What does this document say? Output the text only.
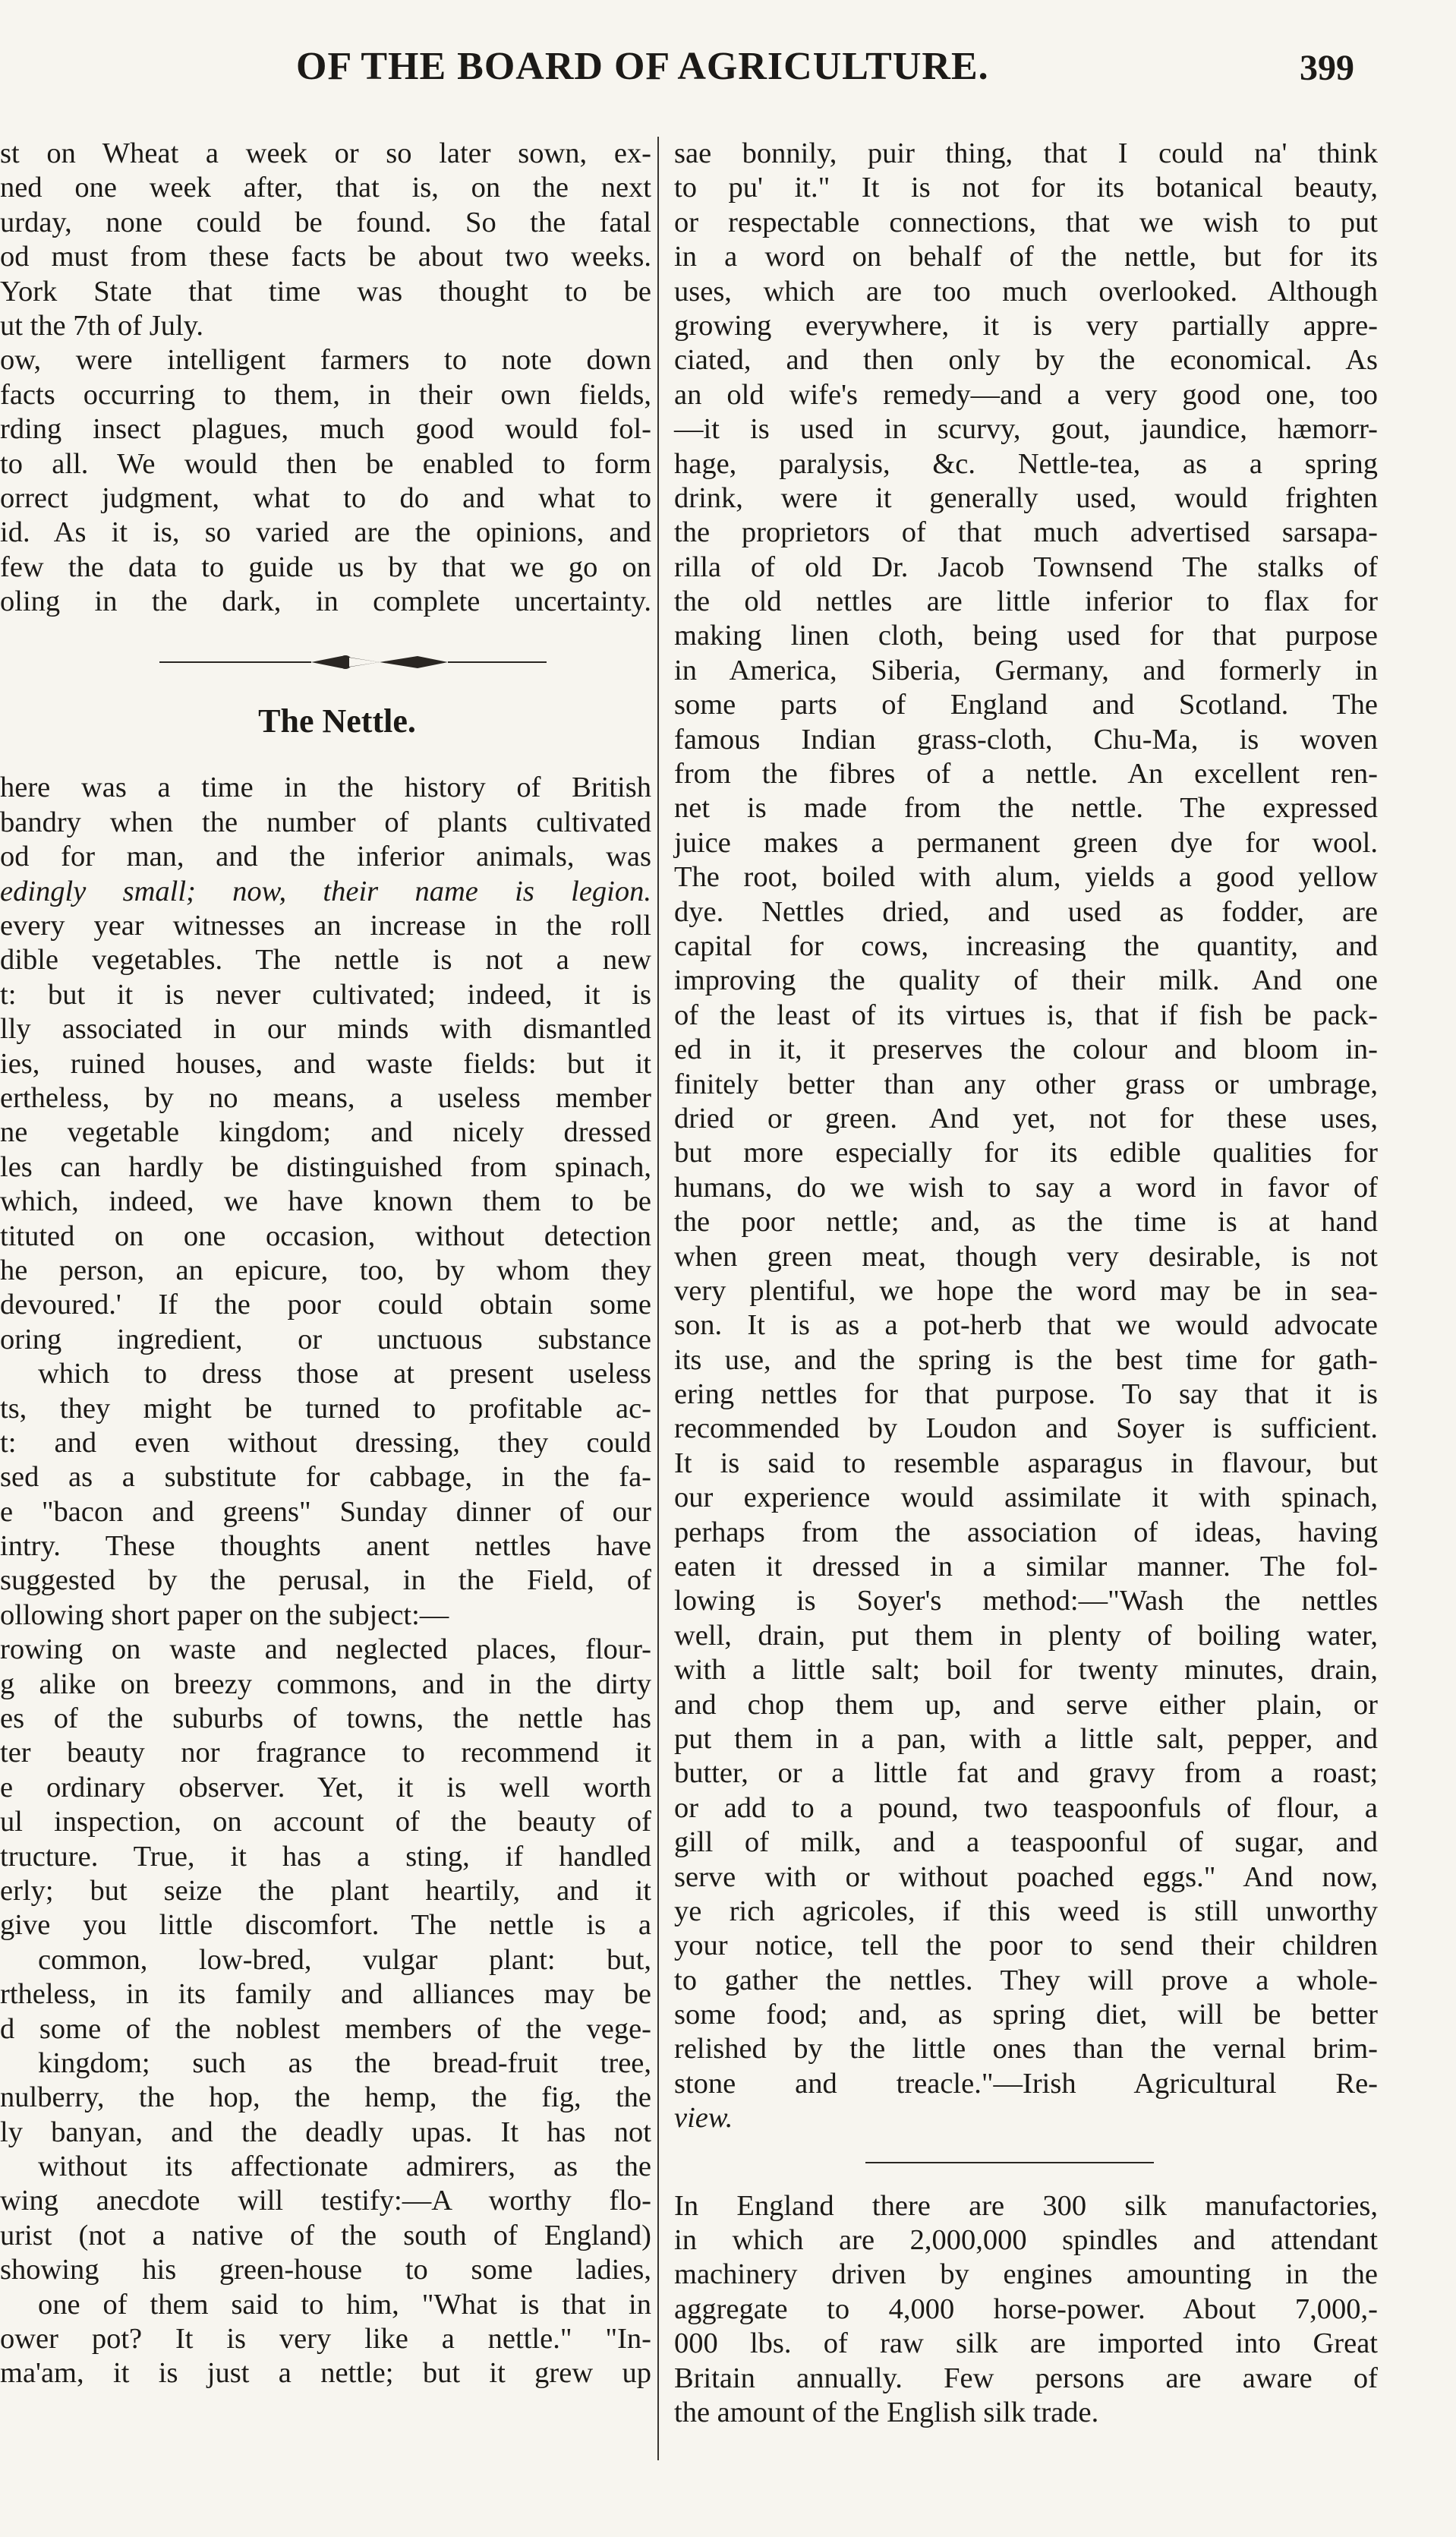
OF THE BOARD OF AGRICULTURE.	399
st on Wheat a week or so later sown, ex-
ned one week after, that is, on the next
urday, none could be found. So the fatal
od must from these facts be about two weeks.
York State that time was thought to be
ut the 7th of July.
ow, were intelligent farmers to note down
facts occurring to them, in their own fields,
rding insect plagues, much good would fol-
to all. We would then be enabled to form
orrect judgment, what to do and what to
id. As it is, so varied are the opinions, and
few the data to guide us by that we go on
oling in the dark, in complete uncertainty.
The Nettle.
here was a time in the history of British
bandry when the number of plants cultivated
od for man, and the inferior animals, was
edingly small; now, their name is legion.
every year witnesses an increase in the roll
dible vegetables. The nettle is not a new
t: but it is never cultivated; indeed, it is
lly associated in our minds with dismantled
ies, ruined houses, and waste fields: but it
ertheless, by no means, a useless member
ne vegetable kingdom; and nicely dressed
les can hardly be distinguished from spinach,
which, indeed, we have known them to be
tituted on one occasion, without detection
he person, an epicure, too, by whom they
devoured.' If the poor could obtain some
oring ingredient, or unctuous substance
which to dress those at present useless
ts, they might be turned to profitable ac-
t: and even without dressing, they could
sed as a substitute for cabbage, in the fa-
e "bacon and greens" Sunday dinner of our
intry. These thoughts anent nettles have
suggested by the perusal, in the Field, of
ollowing short paper on the subject:—
rowing on waste and neglected places, flour-
g alike on breezy commons, and in the dirty
es of the suburbs of towns, the nettle has
ter beauty nor fragrance to recommend it
e ordinary observer. Yet, it is well worth
ul inspection, on account of the beauty of
tructure. True, it has a sting, if handled
erly; but seize the plant heartily, and it
give you little discomfort. The nettle is a
common, low-bred, vulgar plant: but,
rtheless, in its family and alliances may be
d some of the noblest members of the vege-
kingdom; such as the bread-fruit tree,
nulberry, the hop, the hemp, the fig, the
ly banyan, and the deadly upas. It has not
without its affectionate admirers, as the
wing anecdote will testify:—A worthy flo-
urist (not a native of the south of England)
showing his green-house to some ladies,
one of them said to him, "What is that in
ower pot? It is very like a nettle." "In-
ma'am, it is just a nettle; but it grew up
sae bonnily, puir thing, that I could na' think
to pu' it." It is not for its botanical beauty,
or respectable connections, that we wish to put
in a word on behalf of the nettle, but for its
uses, which are too much overlooked. Although
growing everywhere, it is very partially appre-
ciated, and then only by the economical. As
an old wife's remedy—and a very good one, too
—it is used in scurvy, gout, jaundice, hæmorr-
hage, paralysis, &c. Nettle-tea, as a spring
drink, were it generally used, would frighten
the proprietors of that much advertised sarsapa-
rilla of old Dr. Jacob Townsend The stalks of
the old nettles are little inferior to flax for
making linen cloth, being used for that purpose
in America, Siberia, Germany, and formerly in
some parts of England and Scotland. The
famous Indian grass-cloth, Chu-Ma, is woven
from the fibres of a nettle. An excellent ren-
net is made from the nettle. The expressed
juice makes a permanent green dye for wool.
The root, boiled with alum, yields a good yellow
dye. Nettles dried, and used as fodder, are
capital for cows, increasing the quantity, and
improving the quality of their milk. And one
of the least of its virtues is, that if fish be pack-
ed in it, it preserves the colour and bloom in-
finitely better than any other grass or umbrage,
dried or green. And yet, not for these uses,
but more especially for its edible qualities for
humans, do we wish to say a word in favor of
the poor nettle; and, as the time is at hand
when green meat, though very desirable, is not
very plentiful, we hope the word may be in sea-
son. It is as a pot-herb that we would advocate
its use, and the spring is the best time for gath-
ering nettles for that purpose. To say that it is
recommended by Loudon and Soyer is sufficient.
It is said to resemble asparagus in flavour, but
our experience would assimilate it with spinach,
perhaps from the association of ideas, having
eaten it dressed in a similar manner. The fol-
lowing is Soyer's method:—"Wash the nettles
well, drain, put them in plenty of boiling water,
with a little salt; boil for twenty minutes, drain,
and chop them up, and serve either plain, or
put them in a pan, with a little salt, pepper, and
butter, or a little fat and gravy from a roast;
or add to a pound, two teaspoonfuls of flour, a
gill of milk, and a teaspoonful of sugar, and
serve with or without poached eggs." And now,
ye rich agricoles, if this weed is still unworthy
your notice, tell the poor to send their children
to gather the nettles. They will prove a whole-
some food; and, as spring diet, will be better
relished by the little ones than the vernal brim-
stone and treacle."—Irish Agricultural Re-
view.
In England there are 300 silk manufactories,
in which are 2,000,000 spindles and attendant
machinery driven by engines amounting in the
aggregate to 4,000 horse-power. About 7,000,-
000 lbs. of raw silk are imported into Great
Britain annually. Few persons are aware of
the amount of the English silk trade.
